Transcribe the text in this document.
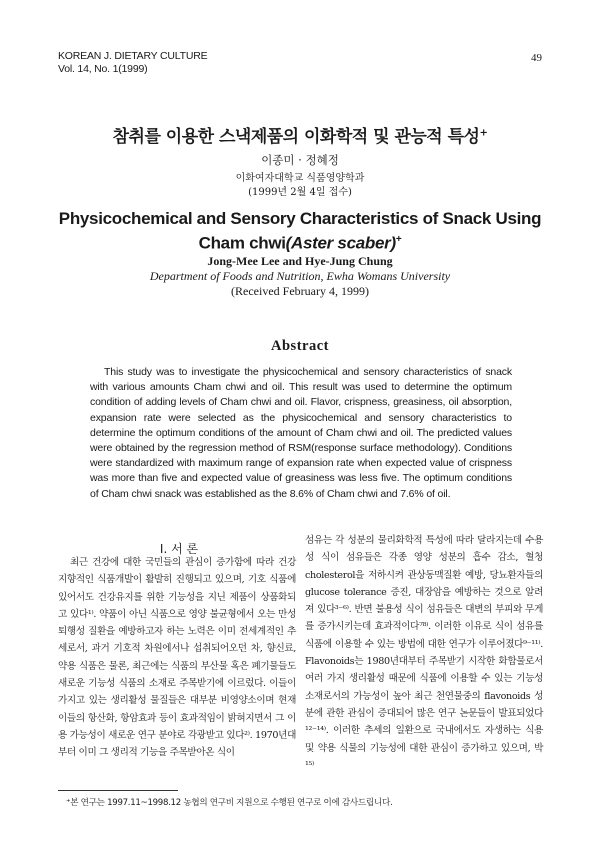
KOREAN J. DIETARY CULTURE
Vol. 14, No. 1(1999)
49
참취를 이용한 스낵제품의 이화학적 및 관능적 특성+
이종미 · 정혜정
이화여자대학교 식품영양학과
(1999년 2월 4일 접수)
Physicochemical and Sensory Characteristics of Snack Using
Cham chwi(Aster scaber)+
Jong-Mee Lee and Hye-Jung Chung
Department of Foods and Nutrition, Ewha Womans University
(Received February 4, 1999)
Abstract
This study was to investigate the physicochemical and sensory characteristics of snack with various amounts Cham chwi and oil. This result was used to determine the optimum condition of adding levels of Cham chwi and oil. Flavor, crispness, greasiness, oil absorption, expansion rate were selected as the physicochemical and sensory characteristics to determine the optimum conditions of the amount of Cham chwi and oil. The predicted values were obtained by the regression method of RSM(response surface methodology). Conditions were standardized with maximum range of expansion rate when expected value of crispness was more than five and expected value of greasiness was less five. The optimum conditions of Cham chwi snack was established as the 8.6% of Cham chwi and 7.6% of oil.
I. 서 론
최근 건강에 대한 국민들의 관심이 증가함에 따라 건강 지향적인 식품개발이 활발히 진행되고 있으며, 기호 식품에 있어서도 건강유지를 위한 기능성을 지닌 제품이 상품화되고 있다¹⁾. 약품이 아닌 식품으로 영양 불균형에서 오는 만성퇴행성 질환을 예방하고자 하는 노력은 이미 전세계적인 추세로서, 과거 기호적 차원에서나 섭취되어오던 차, 향신료, 약용 식품은 물론, 최근에는 식품의 부산물 혹은 폐기물들도 새로운 기능성 식품의 소재로 주목받기에 이르렀다. 이들이 가지고 있는 생리활성 물질들은 대부분 비영양소이며 현재 이들의 항산화, 항암효과 등이 효과적임이 밝혀지면서 그 이용 가능성이 새로운 연구 분야로 각광받고 있다²⁾. 1970년대부터 이미 그 생리적 기능을 주목받아온 식이
섬유는 각 성분의 물리화학적 특성에 따라 달라지는데 수용성 식이 섬유들은 각종 영양 성분의 흡수 감소, 혈청 cholesterol을 저하시켜 관상동맥질환 예방, 당뇨환자들의 glucose tolerance 증진, 대장암을 예방하는 것으로 알려져 있다³⁻⁶⁾. 반면 불용성 식이 섬유들은 대변의 부피와 무게를 증가시키는데 효과적이다⁷⁸⁾. 이러한 이유로 식이 섬유를 식품에 이용할 수 있는 방법에 대한 연구가 이루어졌다⁹⁻¹¹⁾. Flavonoids는 1980년대부터 주목받기 시작한 화합물로서 여러 가지 생리활성 때문에 식품에 이용할 수 있는 기능성 소재로서의 가능성이 높아 최근 천연물중의 flavonoids 성분에 관한 관심이 증대되어 많은 연구 논문들이 발표되었다¹²⁻¹⁴⁾. 이러한 추세의 일환으로 국내에서도 자생하는 식용 및 약용 식물의 기능성에 대한 관심이 증가하고 있으며, 박¹⁵⁾
⁺본 연구는 1997.11~1998.12 농협의 연구비 지원으로 수행된 연구로 이에 감사드립니다.
